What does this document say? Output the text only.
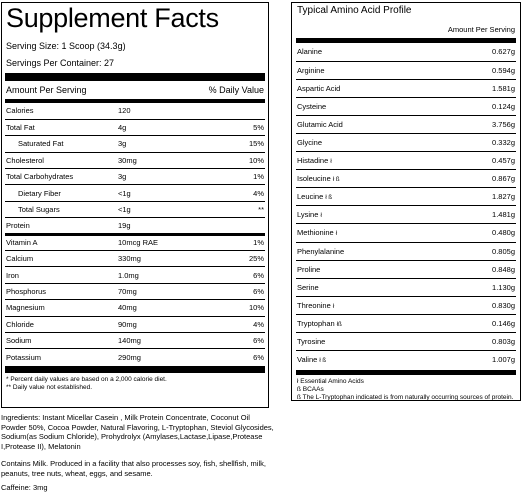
Supplement Facts
Serving Size: 1 Scoop (34.3g)
Servings Per Container: 27
Amount Per Serving	% Daily Value
Calories	120	
Total Fat	4g	5%
Saturated Fat	3g	15%
Cholesterol	30mg	10%
Total Carbohydrates	3g	1%
Dietary Fiber	<1g	4%
Total Sugars	<1g	**
Protein	19g	
Vitamin A	10mcg RAE	1%
Calcium	330mg	25%
Iron	1.0mg	6%
Phosphorus	70mg	6%
Magnesium	40mg	10%
Chloride	90mg	4%
Sodium	140mg	6%
Potassium	290mg	6%
* Percent daily values are based on a 2,000 calorie diet.
** Daily value not established.
Ingredients: Instant Micellar Casein , Milk Protein Concentrate, Coconut Oil Powder 50%, Cocoa Powder, Natural Flavoring, L-Tryptophan, Steviol Glycosides, Sodium(as Sodium Chloride), Prohydrolyx (Amylases,Lactase,Lipase,Protease I,Protease II), Melatonin
Contains Milk. Produced in a facility that also processes soy, fish, shellfish, milk, peanuts, tree nuts, wheat, eggs, and sesame.
Caffeine: 3mg
Typical Amino Acid Profile
Amount Per Serving
Alanine	0.627g
Arginine	0.594g
Aspartic Acid	1.581g
Cysteine	0.124g
Glutamic Acid	3.756g
Glycine	0.332g
Histadine ł	0.457g
Isoleucine ł ß	0.867g
Leucine ł ß	1.827g
Lysine ł	1.481g
Methionine ł	0.480g
Phenylalanine	0.805g
Proline	0.848g
Serine	1.130g
Threonine ł	0.830g
Tryptophan łß	0.146g
Tyrosine	0.803g
Valine ł ß	1.007g
ł Essential Amino Acids
ß BCAAs
ß The L-Tryptophan indicated is from naturally occurring sources of protein.
